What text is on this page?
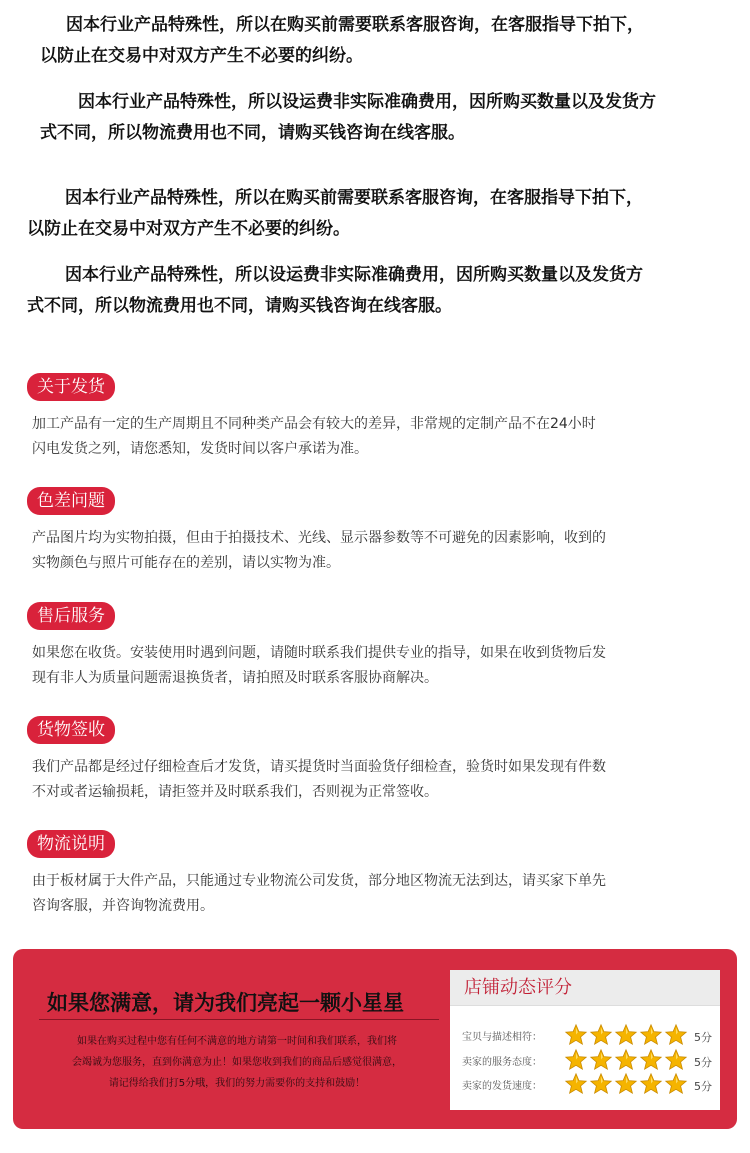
因本行业产品特殊性，所以在购买前需要联系客服咨询，在客服指导下拍下，
以防止在交易中对双方产生不必要的纠纷。
因本行业产品特殊性，所以设运费非实际准确费用，因所购买数量以及发货方
式不同，所以物流费用也不同，请购买钱咨询在线客服。
因本行业产品特殊性，所以在购买前需要联系客服咨询，在客服指导下拍下，
以防止在交易中对双方产生不必要的纠纷。
因本行业产品特殊性，所以设运费非实际准确费用，因所购买数量以及发货方
式不同，所以物流费用也不同，请购买钱咨询在线客服。
关于发货
加工产品有一定的生产周期且不同种类产品会有较大的差异，非常规的定制产品不在24小时
闪电发货之列，请您悉知，发货时间以客户承诺为准。
色差问题
产品图片均为实物拍摄，但由于拍摄技术、光线、显示器参数等不可避免的因素影响，收到的
实物颜色与照片可能存在的差别，请以实物为准。
售后服务
如果您在收货。安装使用时遇到问题，请随时联系我们提供专业的指导，如果在收到货物后发
现有非人为质量问题需退换货者，请拍照及时联系客服协商解决。
货物签收
我们产品都是经过仔细检查后才发货，请买提货时当面验货仔细检查，验货时如果发现有件数
不对或者运输损耗，请拒签并及时联系我们，否则视为正常签收。
物流说明
由于板材属于大件产品，只能通过专业物流公司发货，部分地区物流无法到达，请买家下单先
咨询客服，并咨询物流费用。
如果您满意，请为我们亮起一颗小星星
如果在购买过程中您有任何不满意的地方请第一时间和我们联系，我们将
会竭诚为您服务，直到你满意为止！如果您收到我们的商品后感觉很满意，
请记得给我们打5分哦，我们的努力需要你的支持和鼓励！
店铺动态评分
宝贝与描述相符：	5分
卖家的服务态度：	5分
卖家的发货速度：	5分
